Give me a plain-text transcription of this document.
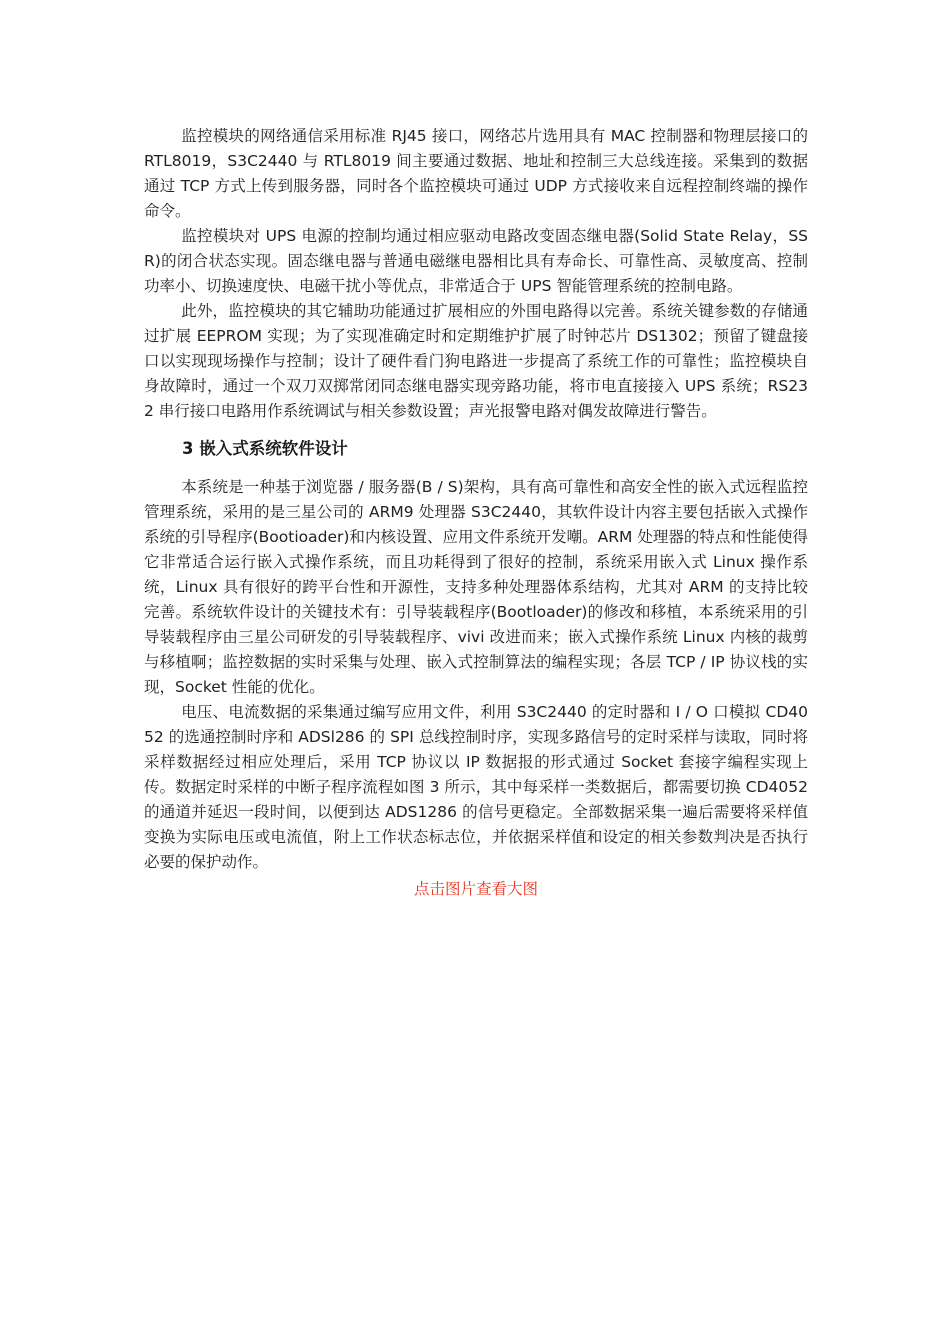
监控模块的网络通信采用标准 RJ45 接口，网络芯片选用具有 MAC 控制器和物理层接口的 RTL8019，S3C2440 与 RTL8019 间主要通过数据、地址和控制三大总线连接。采集到的数据通过 TCP 方式上传到服务器，同时各个监控模块可通过 UDP 方式接收来自远程控制终端的操作命令。

监控模块对 UPS 电源的控制均通过相应驱动电路改变固态继电器(Solid State Relay，SSR)的闭合状态实现。固态继电器与普通电磁继电器相比具有寿命长、可靠性高、灵敏度高、控制功率小、切换速度快、电磁干扰小等优点，非常适合于 UPS 智能管理系统的控制电路。

此外，监控模块的其它辅助功能通过扩展相应的外围电路得以完善。系统关键参数的存储通过扩展 EEPROM 实现；为了实现准确定时和定期维护扩展了时钟芯片 DS1302；预留了键盘接口以实现现场操作与控制；设计了硬件看门狗电路进一步提高了系统工作的可靠性；监控模块自身故障时，通过一个双刀双掷常闭同态继电器实现旁路功能，将市电直接接入 UPS 系统；RS232 串行接口电路用作系统调试与相关参数设置；声光报警电路对偶发故障进行警告。

3 嵌入式系统软件设计

本系统是一种基于浏览器 / 服务器(B / S)架构，具有高可靠性和高安全性的嵌入式远程监控管理系统，采用的是三星公司的 ARM9 处理器 S3C2440，其软件设计内容主要包括嵌入式操作系统的引导程序(Bootioader)和内核设置、应用文件系统开发嘲。ARM 处理器的特点和性能使得它非常适合运行嵌入式操作系统，而且功耗得到了很好的控制，系统采用嵌入式 Linux 操作系统，Linux 具有很好的跨平台性和开源性，支持多种处理器体系结构，尤其对 ARM 的支持比较完善。系统软件设计的关键技术有：引导装载程序(Bootloader)的修改和移植，本系统采用的引导装载程序由三星公司研发的引导装载程序、vivi 改进而来；嵌入式操作系统 Linux 内核的裁剪与移植啊；监控数据的实时采集与处理、嵌入式控制算法的编程实现；各层 TCP / IP 协议栈的实现，Socket 性能的优化。

电压、电流数据的采集通过编写应用文件，利用 S3C2440 的定时器和 I / O 口模拟 CD4052 的选通控制时序和 ADSl286 的 SPI 总线控制时序，实现多路信号的定时采样与读取，同时将采样数据经过相应处理后，采用 TCP 协议以 IP 数据报的形式通过 Socket 套接字编程实现上传。数据定时采样的中断子程序流程如图 3 所示，其中每采样一类数据后，都需要切换 CD4052 的通道并延迟一段时间，以便到达 ADS1286 的信号更稳定。全部数据采集一遍后需要将采样值变换为实际电压或电流值，附上工作状态标志位，并依据采样值和设定的相关参数判决是否执行必要的保护动作。

点击图片查看大图
